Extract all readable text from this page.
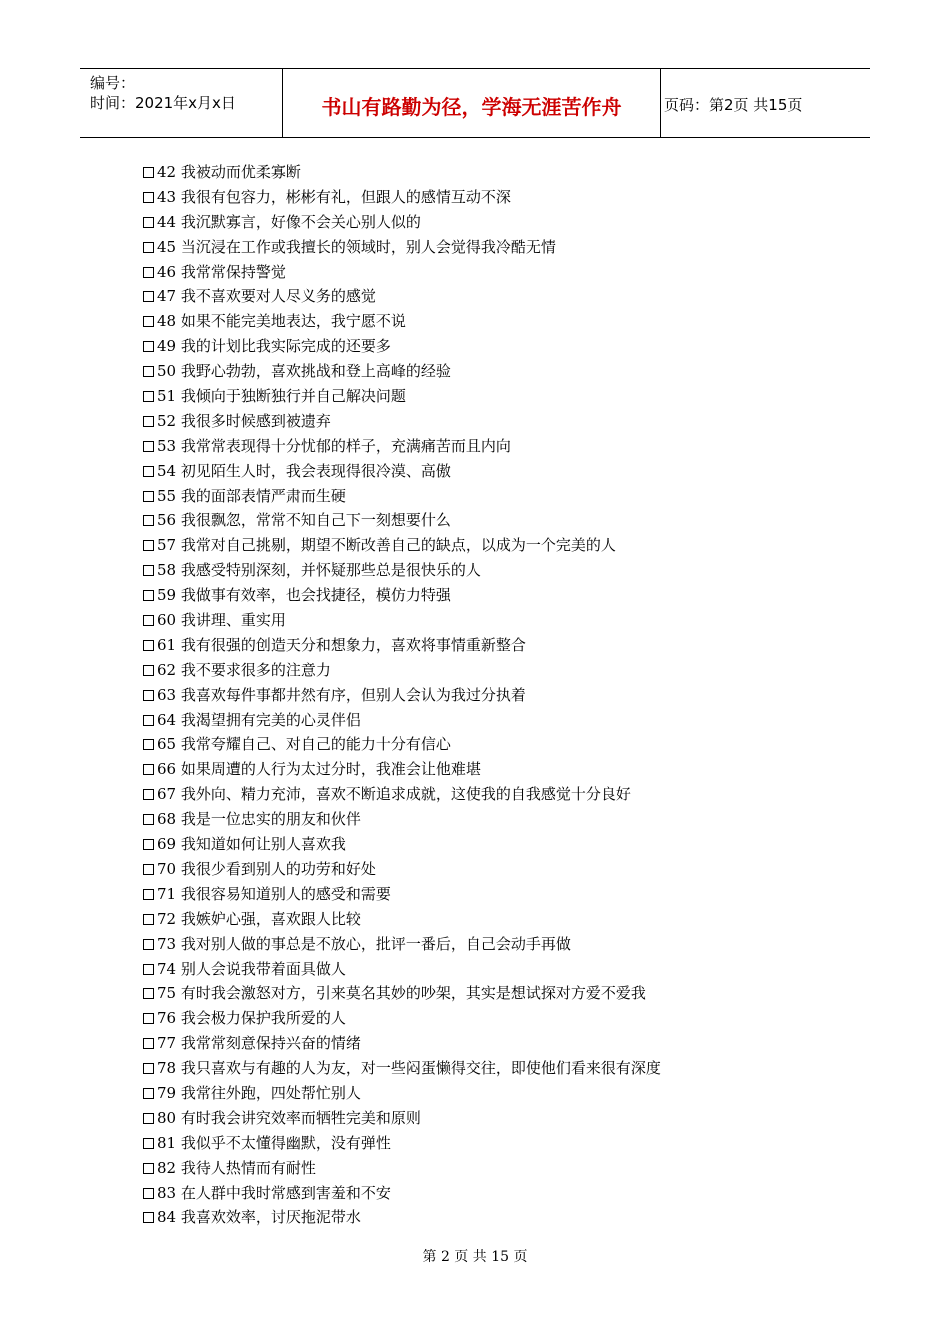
编号：
时间：2021年x月x日	书山有路勤为径，学海无涯苦作舟	页码：第2页 共15页
42 我被动而优柔寡断
43 我很有包容力，彬彬有礼，但跟人的感情互动不深
44 我沉默寡言，好像不会关心别人似的
45 当沉浸在工作或我擅长的领域时，别人会觉得我冷酷无情
46 我常常保持警觉
47 我不喜欢要对人尽义务的感觉
48 如果不能完美地表达，我宁愿不说
49 我的计划比我实际完成的还要多
50 我野心勃勃，喜欢挑战和登上高峰的经验
51 我倾向于独断独行并自己解决问题
52 我很多时候感到被遗弃
53 我常常表现得十分忧郁的样子，充满痛苦而且内向
54 初见陌生人时，我会表现得很冷漠、高傲
55 我的面部表情严肃而生硬
56 我很飘忽，常常不知自己下一刻想要什么
57 我常对自己挑剔，期望不断改善自己的缺点，以成为一个完美的人
58 我感受特别深刻，并怀疑那些总是很快乐的人
59 我做事有效率，也会找捷径，模仿力特强
60 我讲理、重实用
61 我有很强的创造天分和想象力，喜欢将事情重新整合
62 我不要求很多的注意力
63 我喜欢每件事都井然有序，但别人会认为我过分执着
64 我渴望拥有完美的心灵伴侣
65 我常夸耀自己、对自己的能力十分有信心
66 如果周遭的人行为太过分时，我准会让他难堪
67 我外向、精力充沛，喜欢不断追求成就，这使我的自我感觉十分良好
68 我是一位忠实的朋友和伙伴
69 我知道如何让别人喜欢我
70 我很少看到别人的功劳和好处
71 我很容易知道别人的感受和需要
72 我嫉妒心强，喜欢跟人比较
73 我对别人做的事总是不放心，批评一番后，自己会动手再做
74 别人会说我带着面具做人
75 有时我会激怒对方，引来莫名其妙的吵架，其实是想试探对方爱不爱我
76 我会极力保护我所爱的人
77 我常常刻意保持兴奋的情绪
78 我只喜欢与有趣的人为友，对一些闷蛋懒得交往，即使他们看来很有深度
79 我常往外跑，四处帮忙别人
80 有时我会讲究效率而牺牲完美和原则
81 我似乎不太懂得幽默，没有弹性
82 我待人热情而有耐性
83 在人群中我时常感到害羞和不安
84 我喜欢效率，讨厌拖泥带水
第 2 页 共 15 页
